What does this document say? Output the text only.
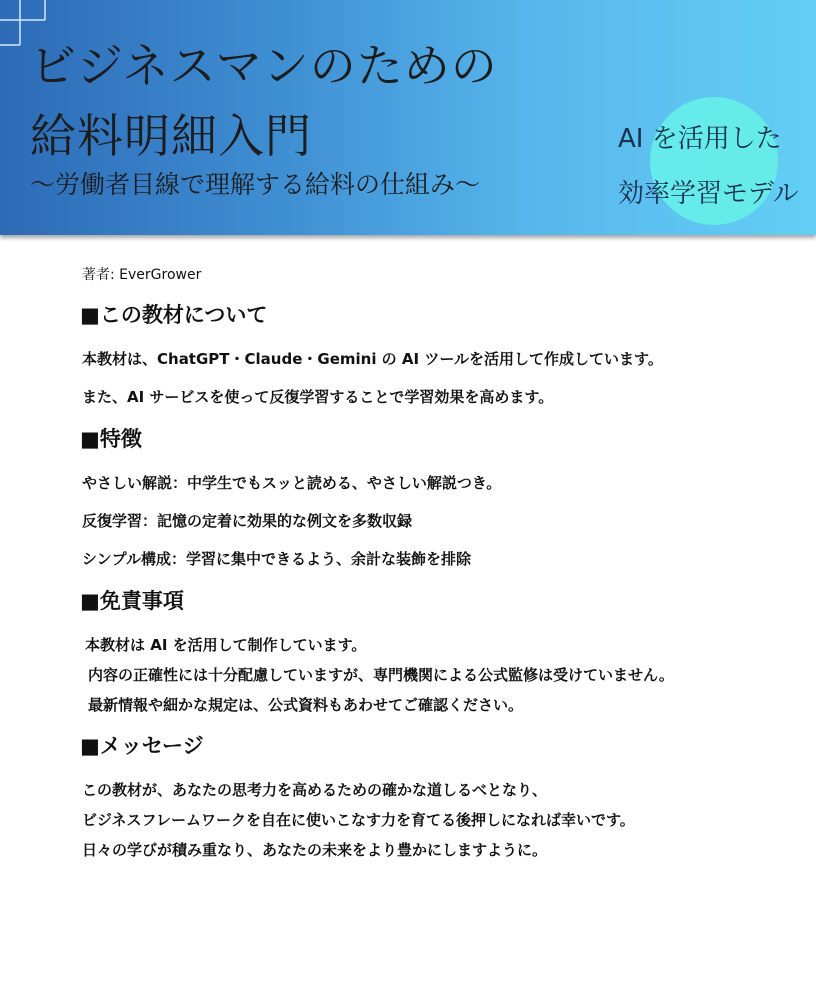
ビジネスマンのための
給料明細入門
〜労働者目線で理解する給料の仕組み〜
AI を活用した
効率学習モデル
著者: EverGrower
■この教材について
本教材は、ChatGPT・Claude・Gemini の AI ツールを活用して作成しています。
また、AI サービスを使って反復学習することで学習効果を高めます。
■特徴
やさしい解説：中学生でもスッと読める、やさしい解説つき。
反復学習：記憶の定着に効果的な例文を多数収録
シンプル構成：学習に集中できるよう、余計な装飾を排除
■免責事項
本教材は AI を活用して制作しています。
内容の正確性には十分配慮していますが、専門機関による公式監修は受けていません。
最新情報や細かな規定は、公式資料もあわせてご確認ください。
■メッセージ
この教材が、あなたの思考力を高めるための確かな道しるべとなり、
ビジネスフレームワークを自在に使いこなす力を育てる後押しになれば幸いです。
日々の学びが積み重なり、あなたの未来をより豊かにしますように。
